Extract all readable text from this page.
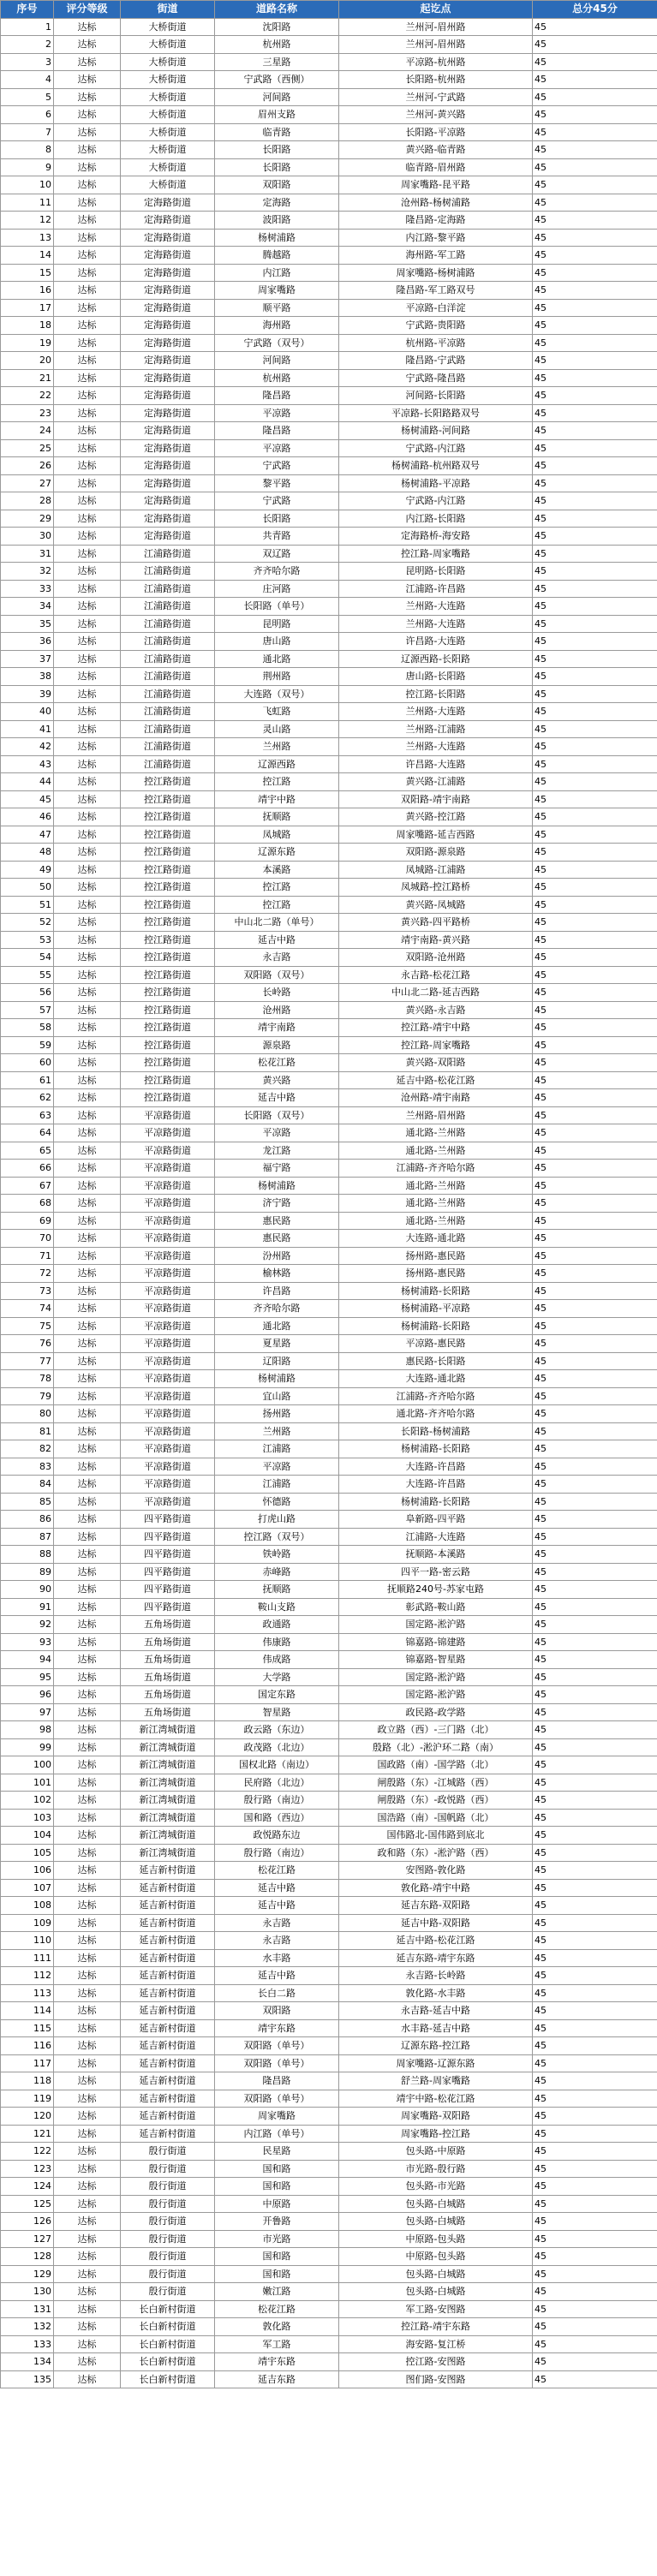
序号	评分等级	街道	道路名称	起讫点	总分45分
1	达标	大桥街道	沈阳路	兰州河-眉州路	45
2	达标	大桥街道	杭州路	兰州河-眉州路	45
3	达标	大桥街道	三星路	平凉路-杭州路	45
4	达标	大桥街道	宁武路（西侧）	长阳路-杭州路	45
5	达标	大桥街道	河间路	兰州河-宁武路	45
6	达标	大桥街道	眉州支路	兰州河-黄兴路	45
7	达标	大桥街道	临青路	长阳路-平凉路	45
8	达标	大桥街道	长阳路	黄兴路-临青路	45
9	达标	大桥街道	长阳路	临青路-眉州路	45
10	达标	大桥街道	双阳路	周家嘴路-昆平路	45
11	达标	定海路街道	定海路	沧州路-杨树浦路	45
12	达标	定海路街道	波阳路	隆昌路-定海路	45
13	达标	定海路街道	杨树浦路	内江路-黎平路	45
14	达标	定海路街道	腾越路	海州路-军工路	45
15	达标	定海路街道	内江路	周家嘴路-杨树浦路	45
16	达标	定海路街道	周家嘴路	隆昌路-军工路双号	45
17	达标	定海路街道	顺平路	平凉路-白洋淀	45
18	达标	定海路街道	海州路	宁武路-贵阳路	45
19	达标	定海路街道	宁武路（双号）	杭州路-平凉路	45
20	达标	定海路街道	河间路	隆昌路-宁武路	45
21	达标	定海路街道	杭州路	宁武路-隆昌路	45
22	达标	定海路街道	隆昌路	河间路-长阳路	45
23	达标	定海路街道	平凉路	平凉路-长阳路路双号	45
24	达标	定海路街道	隆昌路	杨树浦路-河间路	45
25	达标	定海路街道	平凉路	宁武路-内江路	45
26	达标	定海路街道	宁武路	杨树浦路-杭州路双号	45
27	达标	定海路街道	黎平路	杨树浦路-平凉路	45
28	达标	定海路街道	宁武路	宁武路-内江路	45
29	达标	定海路街道	长阳路	内江路-长阳路	45
30	达标	定海路街道	共青路	定海路桥-海安路	45
31	达标	江浦路街道	双辽路	控江路-周家嘴路	45
32	达标	江浦路街道	齐齐哈尔路	昆明路-长阳路	45
33	达标	江浦路街道	庄河路	江浦路-许昌路	45
34	达标	江浦路街道	长阳路（单号）	兰州路-大连路	45
35	达标	江浦路街道	昆明路	兰州路-大连路	45
36	达标	江浦路街道	唐山路	许昌路-大连路	45
37	达标	江浦路街道	通北路	辽源西路-长阳路	45
38	达标	江浦路街道	荆州路	唐山路-长阳路	45
39	达标	江浦路街道	大连路（双号）	控江路-长阳路	45
40	达标	江浦路街道	飞虹路	兰州路-大连路	45
41	达标	江浦路街道	灵山路	兰州路-江浦路	45
42	达标	江浦路街道	兰州路	兰州路-大连路	45
43	达标	江浦路街道	辽源西路	许昌路-大连路	45
44	达标	控江路街道	控江路	黄兴路-江浦路	45
45	达标	控江路街道	靖宇中路	双阳路-靖宇南路	45
46	达标	控江路街道	抚顺路	黄兴路-控江路	45
47	达标	控江路街道	凤城路	周家嘴路-延吉西路	45
48	达标	控江路街道	辽源东路	双阳路-源泉路	45
49	达标	控江路街道	本溪路	凤城路-江浦路	45
50	达标	控江路街道	控江路	凤城路-控江路桥	45
51	达标	控江路街道	控江路	黄兴路-凤城路	45
52	达标	控江路街道	中山北二路（单号）	黄兴路-四平路桥	45
53	达标	控江路街道	延吉中路	靖宇南路-黄兴路	45
54	达标	控江路街道	永吉路	双阳路-沧州路	45
55	达标	控江路街道	双阳路（双号）	永吉路-松花江路	45
56	达标	控江路街道	长岭路	中山北二路-延吉西路	45
57	达标	控江路街道	沧州路	黄兴路-永吉路	45
58	达标	控江路街道	靖宇南路	控江路-靖宇中路	45
59	达标	控江路街道	源泉路	控江路-周家嘴路	45
60	达标	控江路街道	松花江路	黄兴路-双阳路	45
61	达标	控江路街道	黄兴路	延吉中路-松花江路	45
62	达标	控江路街道	延吉中路	沧州路-靖宇南路	45
63	达标	平凉路街道	长阳路（双号）	兰州路-眉州路	45
64	达标	平凉路街道	平凉路	通北路-兰州路	45
65	达标	平凉路街道	龙江路	通北路-兰州路	45
66	达标	平凉路街道	福宁路	江浦路-齐齐哈尔路	45
67	达标	平凉路街道	杨树浦路	通北路-兰州路	45
68	达标	平凉路街道	济宁路	通北路-兰州路	45
69	达标	平凉路街道	惠民路	通北路-兰州路	45
70	达标	平凉路街道	惠民路	大连路-通北路	45
71	达标	平凉路街道	汾州路	扬州路-惠民路	45
72	达标	平凉路街道	榆林路	扬州路-惠民路	45
73	达标	平凉路街道	许昌路	杨树浦路-长阳路	45
74	达标	平凉路街道	齐齐哈尔路	杨树浦路-平凉路	45
75	达标	平凉路街道	通北路	杨树浦路-长阳路	45
76	达标	平凉路街道	夏星路	平凉路-惠民路	45
77	达标	平凉路街道	辽阳路	惠民路-长阳路	45
78	达标	平凉路街道	杨树浦路	大连路-通北路	45
79	达标	平凉路街道	宜山路	江浦路-齐齐哈尔路	45
80	达标	平凉路街道	扬州路	通北路-齐齐哈尔路	45
81	达标	平凉路街道	兰州路	长阳路-杨树浦路	45
82	达标	平凉路街道	江浦路	杨树浦路-长阳路	45
83	达标	平凉路街道	平凉路	大连路-许昌路	45
84	达标	平凉路街道	江浦路	大连路-许昌路	45
85	达标	平凉路街道	怀德路	杨树浦路-长阳路	45
86	达标	四平路街道	打虎山路	阜新路-四平路	45
87	达标	四平路街道	控江路（双号）	江浦路-大连路	45
88	达标	四平路街道	铁岭路	抚顺路-本溪路	45
89	达标	四平路街道	赤峰路	四平一路-密云路	45
90	达标	四平路街道	抚顺路	抚顺路240号-苏家屯路	45
91	达标	四平路街道	鞍山支路	彰武路-鞍山路	45
92	达标	五角场街道	政通路	国定路-淞沪路	45
93	达标	五角场街道	伟康路	锦嘉路-锦建路	45
94	达标	五角场街道	伟成路	锦嘉路-智星路	45
95	达标	五角场街道	大学路	国定路-淞沪路	45
96	达标	五角场街道	国定东路	国定路-淞沪路	45
97	达标	五角场街道	智星路	政民路-政学路	45
98	达标	新江湾城街道	政云路（东边）	政立路（西）-三门路（北）	45
99	达标	新江湾城街道	政茂路（北边）	殷路（北）-淞沪环二路（南）	45
100	达标	新江湾城街道	国权北路（南边）	国政路（南）-国学路（北）	45
101	达标	新江湾城街道	民府路（北边）	闸殷路（东）-江城路（西）	45
102	达标	新江湾城街道	殷行路（南边）	闸殷路（东）-政悦路（西）	45
103	达标	新江湾城街道	国和路（西边）	国浩路（南）-国帆路（北）	45
104	达标	新江湾城街道	政悦路东边	国伟路北-国伟路到底北	45
105	达标	新江湾城街道	殷行路（南边）	政和路（东）-淞沪路（西）	45
106	达标	延吉新村街道	松花江路	安图路-敦化路	45
107	达标	延吉新村街道	延吉中路	敦化路-靖宇中路	45
108	达标	延吉新村街道	延吉中路	延吉东路-双阳路	45
109	达标	延吉新村街道	永吉路	延吉中路-双阳路	45
110	达标	延吉新村街道	永吉路	延吉中路-松花江路	45
111	达标	延吉新村街道	水丰路	延吉东路-靖宇东路	45
112	达标	延吉新村街道	延吉中路	永吉路-长岭路	45
113	达标	延吉新村街道	长白二路	敦化路-水丰路	45
114	达标	延吉新村街道	双阳路	永吉路-延吉中路	45
115	达标	延吉新村街道	靖宇东路	水丰路-延吉中路	45
116	达标	延吉新村街道	双阳路（单号）	辽源东路-控江路	45
117	达标	延吉新村街道	双阳路（单号）	周家嘴路-辽源东路	45
118	达标	延吉新村街道	隆昌路	舒兰路-周家嘴路	45
119	达标	延吉新村街道	双阳路（单号）	靖宇中路-松花江路	45
120	达标	延吉新村街道	周家嘴路	周家嘴路-双阳路	45
121	达标	延吉新村街道	内江路（单号）	周家嘴路-控江路	45
122	达标	殷行街道	民星路	包头路-中原路	45
123	达标	殷行街道	国和路	市光路-殷行路	45
124	达标	殷行街道	国和路	包头路-市光路	45
125	达标	殷行街道	中原路	包头路-白城路	45
126	达标	殷行街道	开鲁路	包头路-白城路	45
127	达标	殷行街道	市光路	中原路-包头路	45
128	达标	殷行街道	国和路	中原路-包头路	45
129	达标	殷行街道	国和路	包头路-白城路	45
130	达标	殷行街道	嫩江路	包头路-白城路	45
131	达标	长白新村街道	松花江路	军工路-安图路	45
132	达标	长白新村街道	敦化路	控江路-靖宇东路	45
133	达标	长白新村街道	军工路	海安路-复江桥	45
134	达标	长白新村街道	靖宇东路	控江路-安图路	45
135	达标	长白新村街道	延吉东路	图们路-安图路	45
